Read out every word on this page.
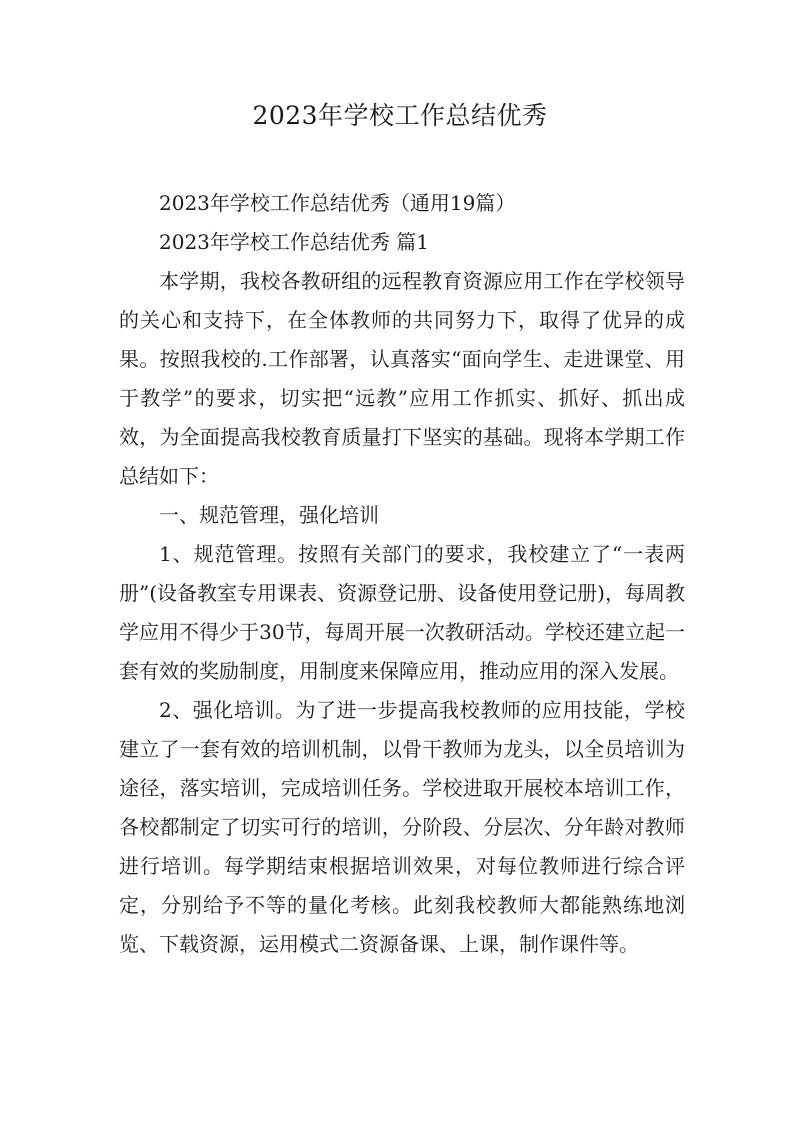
2023年学校工作总结优秀

2023年学校工作总结优秀（通用19篇）

2023年学校工作总结优秀 篇1

本学期，我校各教研组的远程教育资源应用工作在学校领导的关心和支持下，在全体教师的共同努力下，取得了优异的成果。按照我校的.工作部署，认真落实“面向学生、走进课堂、用于教学”的要求，切实把“远教”应用工作抓实、抓好、抓出成效，为全面提高我校教育质量打下坚实的基础。现将本学期工作总结如下：

一、规范管理，强化培训

1、规范管理。按照有关部门的要求，我校建立了“一表两册”(设备教室专用课表、资源登记册、设备使用登记册)，每周教学应用不得少于30节，每周开展一次教研活动。学校还建立起一套有效的奖励制度，用制度来保障应用，推动应用的深入发展。

2、强化培训。为了进一步提高我校教师的应用技能，学校建立了一套有效的培训机制，以骨干教师为龙头，以全员培训为途径，落实培训，完成培训任务。学校进取开展校本培训工作，各校都制定了切实可行的培训，分阶段、分层次、分年龄对教师进行培训。每学期结束根据培训效果，对每位教师进行综合评定，分别给予不等的量化考核。此刻我校教师大都能熟练地浏览、下载资源，运用模式二资源备课、上课，制作课件等。
